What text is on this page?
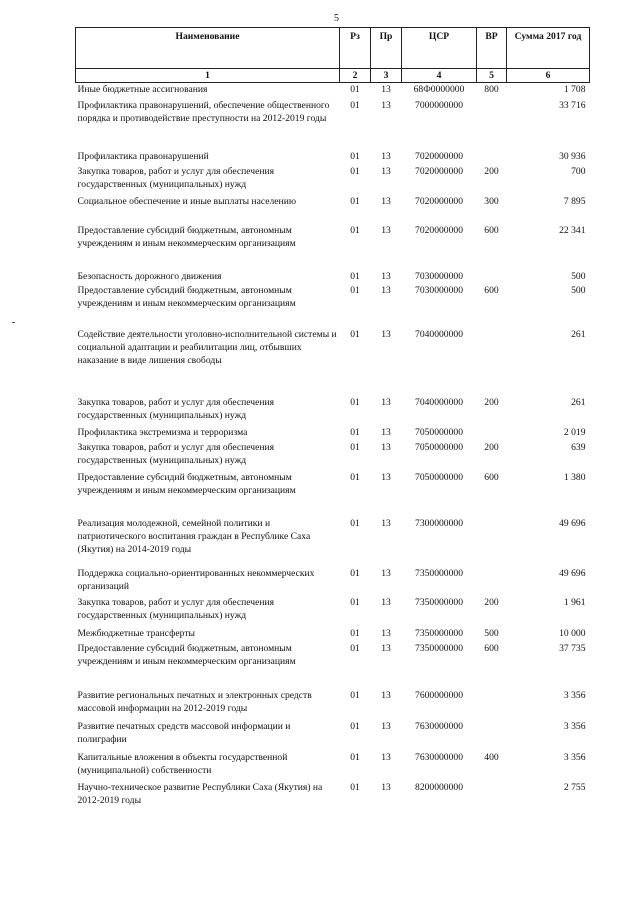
5
Наименование	Рз	Пр	ЦСР	ВР	Сумма 2017 год
1	2	3	4	5	6
Иные бюджетные ассигнования	01	13	68Ф0000000	800	1 708
Профилактика правонарушений, обеспечение общественного порядка и противодействие преступности на 2012-2019 годы	01	13	7000000000		33 716
Профилактика правонарушений	01	13	7020000000		30 936
Закупка товаров, работ и услуг для обеспечения государственных (муниципальных) нужд	01	13	7020000000	200	700
Социальное обеспечение и иные выплаты населению	01	13	7020000000	300	7 895
Предоставление субсидий бюджетным, автономным учреждениям и иным некоммерческим организациям	01	13	7020000000	600	22 341
Безопасность дорожного движения	01	13	7030000000		500
Предоставление субсидий бюджетным, автономным учреждениям и иным некоммерческим организациям	01	13	7030000000	600	500
Содействие деятельности уголовно-исполнительной системы и социальной адаптации и реабилитации лиц, отбывших наказание в виде лишения свободы	01	13	7040000000		261
Закупка товаров, работ и услуг для обеспечения государственных (муниципальных) нужд	01	13	7040000000	200	261
Профилактика экстремизма и терроризма	01	13	7050000000		2 019
Закупка товаров, работ и услуг для обеспечения государственных (муниципальных) нужд	01	13	7050000000	200	639
Предоставление субсидий бюджетным, автономным учреждениям и иным некоммерческим организациям	01	13	7050000000	600	1 380
Реализация молодежной, семейной политики и патриотического воспитания граждан в Республике Саха (Якутия) на 2014-2019 годы	01	13	7300000000		49 696
Поддержка социально-ориентированных некоммерческих организаций	01	13	7350000000		49 696
Закупка товаров, работ и услуг для обеспечения государственных (муниципальных) нужд	01	13	7350000000	200	1 961
Межбюджетные трансферты	01	13	7350000000	500	10 000
Предоставление субсидий бюджетным, автономным учреждениям и иным некоммерческим организациям	01	13	7350000000	600	37 735
Развитие региональных печатных и электронных средств массовой информации на 2012-2019 годы	01	13	7600000000		3 356
Развитие печатных средств массовой информации и полиграфии	01	13	7630000000		3 356
Капитальные вложения в объекты государственной (муниципальной) собственности	01	13	7630000000	400	3 356
Научно-техническое развитие Республики Саха (Якутия) на 2012-2019 годы	01	13	8200000000		2 755
